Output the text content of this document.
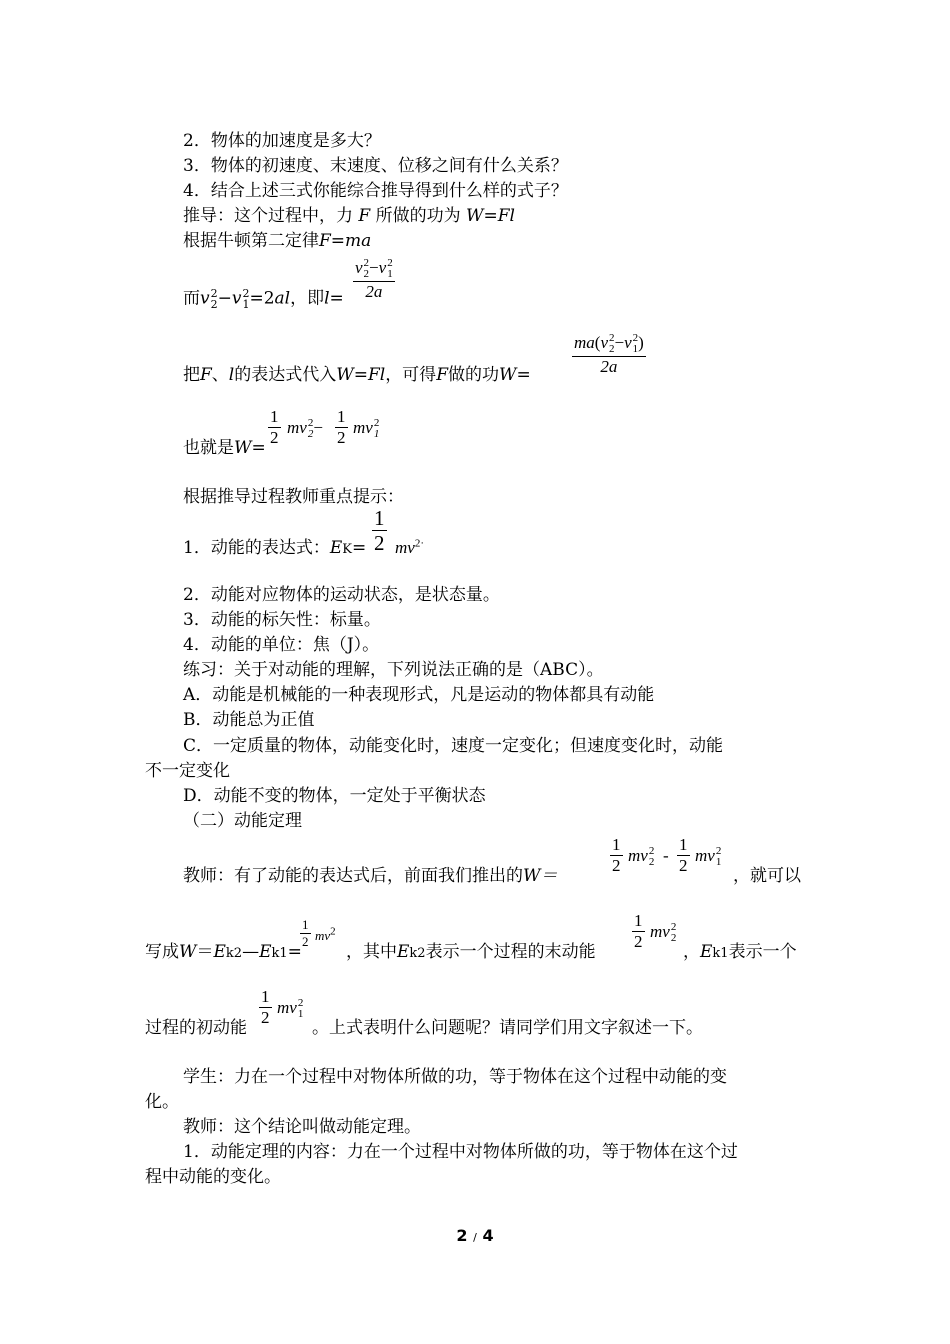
2．物体的加速度是多大？
3．物体的初速度、末速度、位移之间有什么关系？
4．结合上述三式你能综合推导得到什么样的式子？
推导：这个过程中，力 F 所做的功为 W=Fl
根据牛顿第二定律F=ma
而v 2
2 −v 2
1 =2al，即l=
v 2
2 −v 2
1
2a
把F、l的表达式代入W=Fl，可得F做的功W=
ma(v 2
2 −v 2
1 )
2a
也就是W=
1
2
mv 2
2 −
1
2
mv 2
1
根据推导过程教师重点提示：
1．动能的表达式：EK=
1
2 $mv^{2\cdot}$
2．动能对应物体的运动状态，是状态量。
3．动能的标矢性：标量。
4．动能的单位：焦（J）。
练习：关于对动能的理解，下列说法正确的是（ABC）。
A．动能是机械能的一种表现形式，凡是运动的物体都具有动能
B．动能总为正值
C．一定质量的物体，动能变化时，速度一定变化；但速度变化时，动能
不一定变化
D．动能不变的物体，一定处于平衡状态
（二）动能定理
教师：有了动能的表达式后，前面我们推出的W＝
1
2
mv 2
2 -
1
2
mv 2
1
，就可以
写成W＝Ek2—Ek1=
1
2 $mv^2$
，其中Ek2表示一个过程的末动能
1
2
mv 2
2
，Ek1表示一个
过程的初动能
1
2
mv 2
1
。上式表明什么问题呢？请同学们用文字叙述一下。
学生：力在一个过程中对物体所做的功，等于物体在这个过程中动能的变
化。
教师：这个结论叫做动能定理。
1．动能定理的内容：力在一个过程中对物体所做的功，等于物体在这个过
程中动能的变化。
2 / 4
